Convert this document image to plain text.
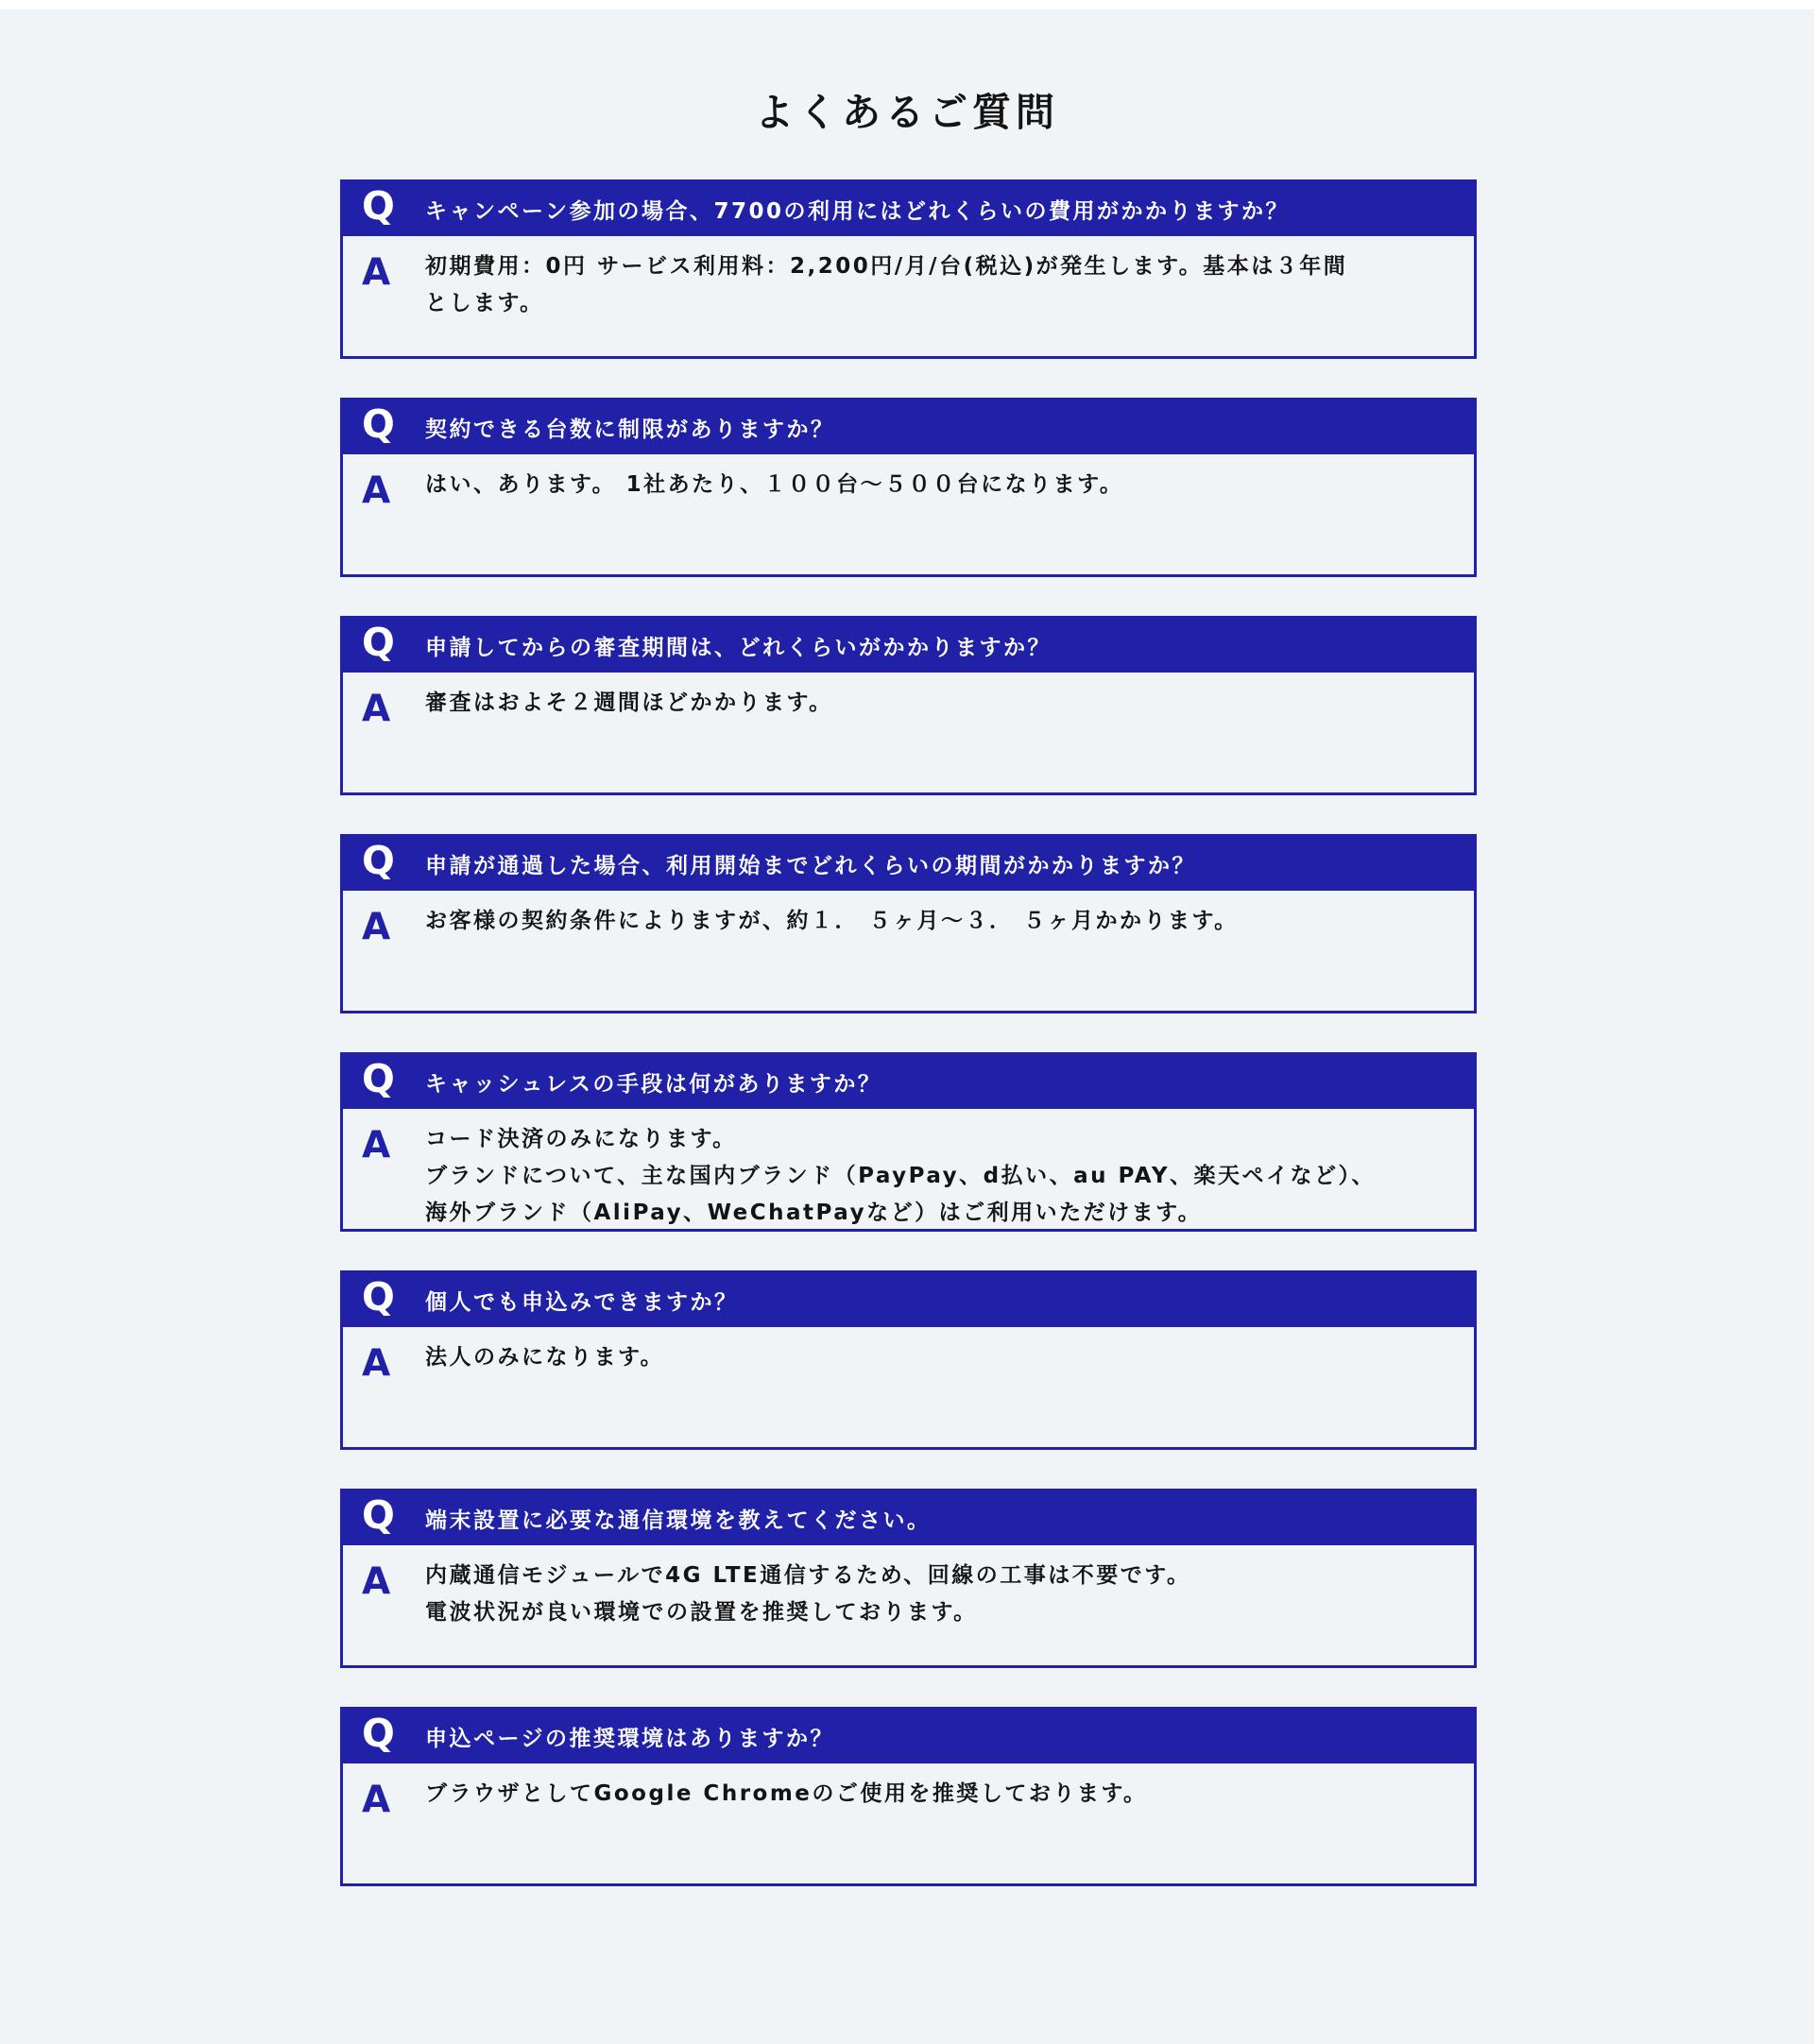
よくあるご質問
Q	キャンペーン参加の場合、7700の利用にはどれくらいの費用がかかりますか？
A	初期費用：0円 サービス利用料：2,200円/月/台(税込)が発生します。基本は３年間
とします。
Q	契約できる台数に制限がありますか？
A	はい、あります。 1社あたり、１００台～５００台になります。
Q	申請してからの審査期間は、どれくらいがかかりますか？
A	審査はおよそ２週間ほどかかります。
Q	申請が通過した場合、利用開始までどれくらいの期間がかかりますか？
A	お客様の契約条件によりますが、約１． ５ヶ月～３． ５ヶ月かかります。
Q	キャッシュレスの手段は何がありますか？
A	コード決済のみになります。
ブランドについて、主な国内ブランド（PayPay、d払い、au PAY、楽天ペイなど）、
海外ブランド（AliPay、WeChatPayなど）はご利用いただけます。
Q	個人でも申込みできますか？
A	法人のみになります。
Q	端末設置に必要な通信環境を教えてください。
A	内蔵通信モジュールで4G LTE通信するため、回線の工事は不要です。
電波状況が良い環境での設置を推奨しております。
Q	申込ページの推奨環境はありますか？
A	ブラウザとしてGoogle Chromeのご使用を推奨しております。
